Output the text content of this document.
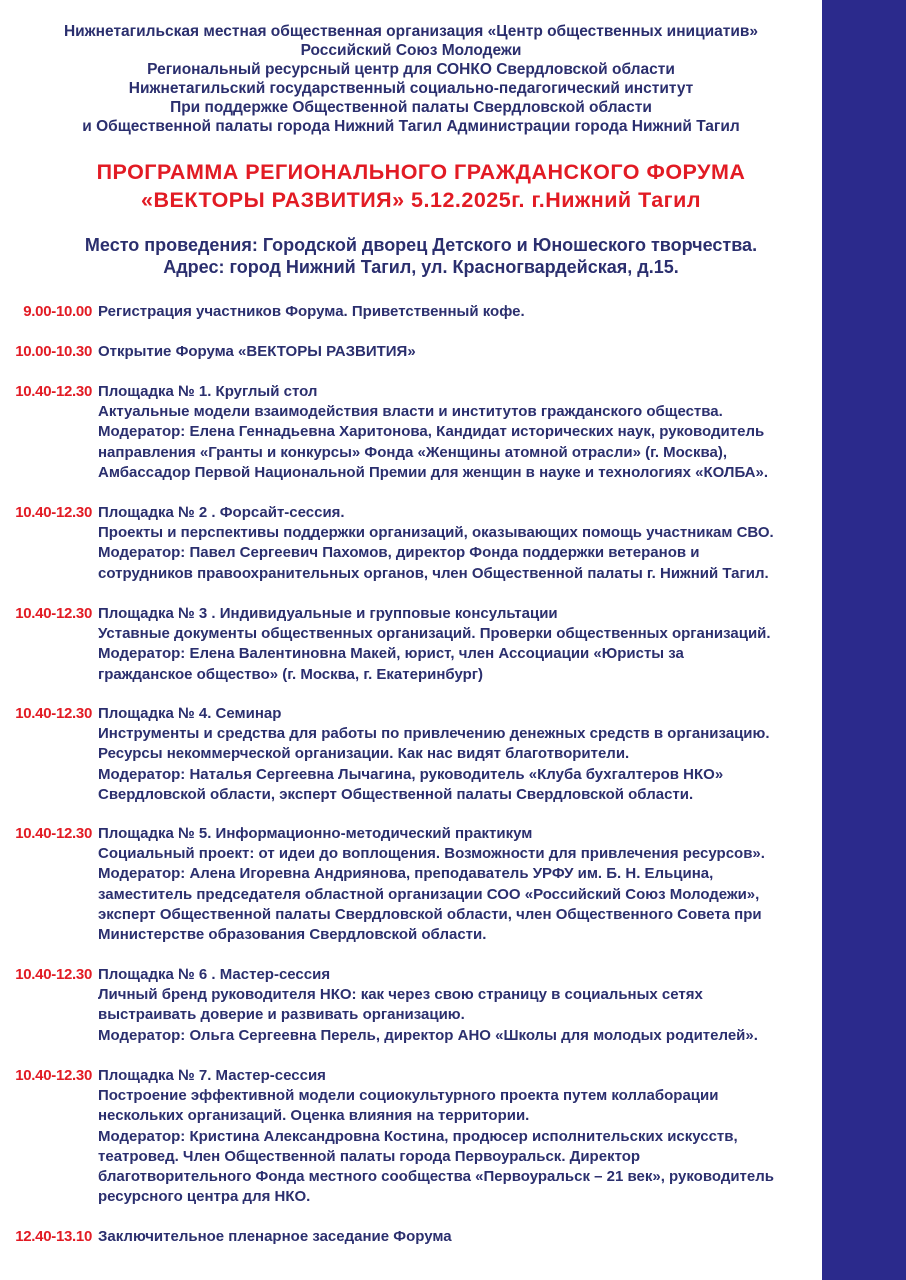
Нижнетагильская местная общественная организация «Центр общественных инициатив»
Российский Союз Молодежи
Региональный ресурсный центр для СОНКО Свердловской области
Нижнетагильский государственный социально-педагогический институт
При поддержке Общественной палаты Свердловской области
и Общественной палаты города Нижний Тагил Администрации города Нижний Тагил
ПРОГРАММА РЕГИОНАЛЬНОГО ГРАЖДАНСКОГО ФОРУМА
«ВЕКТОРЫ РАЗВИТИЯ» 5.12.2025г. г.Нижний Тагил
Место проведения: Городской дворец Детского и Юношеского творчества.
Адрес: город Нижний Тагил, ул. Красногвардейская, д.15.
9.00-10.00 Регистрация участников Форума. Приветственный кофе.
10.00-10.30 Открытие Форума «ВЕКТОРЫ РАЗВИТИЯ»
10.40-12.30 Площадка № 1. Круглый стол
Актуальные модели взаимодействия власти и институтов гражданского общества.
Модератор: Елена Геннадьевна Харитонова, Кандидат исторических наук, руководитель
направления «Гранты и конкурсы» Фонда «Женщины атомной отрасли» (г. Москва),
Амбассадор Первой Национальной Премии для женщин в науке и технологиях «КОЛБА».
10.40-12.30 Площадка № 2 . Форсайт-сессия.
Проекты и перспективы поддержки организаций, оказывающих помощь участникам СВО.
Модератор: Павел Сергеевич Пахомов, директор Фонда поддержки ветеранов и
сотрудников правоохранительных органов, член Общественной палаты г. Нижний Тагил.
10.40-12.30 Площадка № 3 . Индивидуальные и групповые консультации
Уставные документы общественных организаций. Проверки общественных организаций.
Модератор: Елена Валентиновна Макей, юрист, член Ассоциации «Юристы за
гражданское общество» (г. Москва, г. Екатеринбург)
10.40-12.30 Площадка № 4. Семинар
Инструменты и средства для работы по привлечению денежных средств в организацию.
Ресурсы некоммерческой организации. Как нас видят благотворители.
Модератор: Наталья Сергеевна Лычагина, руководитель «Клуба бухгалтеров НКО»
Свердловской области, эксперт Общественной палаты Свердловской области.
10.40-12.30 Площадка № 5. Информационно-методический практикум
Социальный проект: от идеи до воплощения. Возможности для привлечения ресурсов».
Модератор: Алена Игоревна Андриянова, преподаватель УРФУ им. Б. Н. Ельцина,
заместитель председателя областной организации СОО «Российский Союз Молодежи»,
эксперт Общественной палаты Свердловской области, член Общественного Совета при
Министерстве образования Свердловской области.
10.40-12.30 Площадка № 6 . Мастер-сессия
Личный бренд руководителя НКО: как через свою страницу в социальных сетях
выстраивать доверие и развивать организацию.
Модератор: Ольга Сергеевна Перель, директор АНО «Школы для молодых родителей».
10.40-12.30 Площадка № 7. Мастер-сессия
Построение эффективной модели социокультурного проекта путем коллаборации
нескольких организаций. Оценка влияния на территории.
Модератор: Кристина Александровна Костина, продюсер исполнительских искусств,
театровед. Член Общественной палаты города Первоуральск. Директор
благотворительного Фонда местного сообщества «Первоуральск – 21 век», руководитель
ресурсного центра для НКО.
12.40-13.10 Заключительное пленарное заседание Форума
